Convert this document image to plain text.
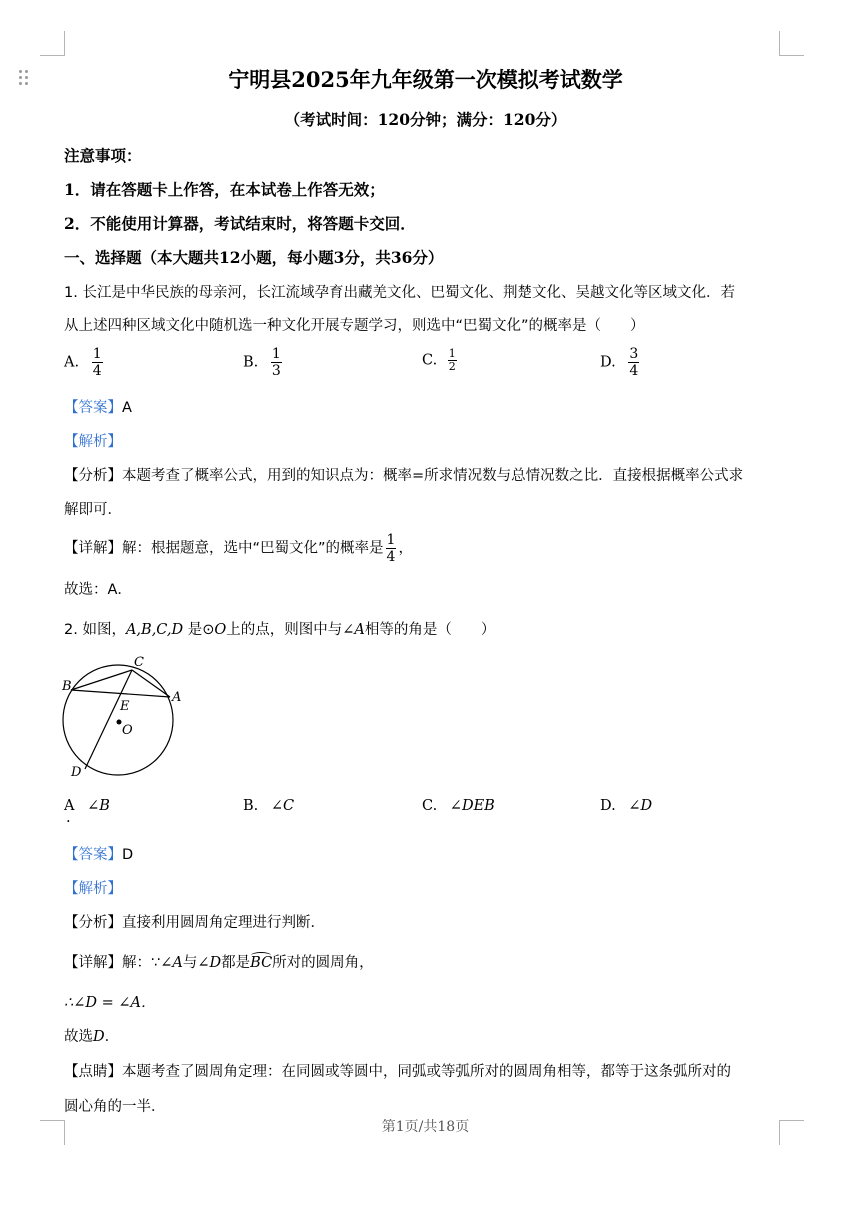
宁明县2025年九年级第一次模拟考试数学
（考试时间：120分钟；满分：120分）
注意事项：
1．请在答题卡上作答，在本试卷上作答无效；
2．不能使用计算器，考试结束时，将答题卡交回．
一、选择题（本大题共12小题，每小题3分，共36分）
1. 长江是中华民族的母亲河，长江流域孕育出藏羌文化、巴蜀文化、荆楚文化、吴越文化等区域文化．若
从上述四种区域文化中随机选一种文化开展专题学习，则选中“巴蜀文化”的概率是（　　）
A. $\frac{1}{4}$	B. $\frac{1}{3}$	C. $\frac{1}{2}$	D. $\frac{3}{4}$
【答案】A
【解析】
【分析】本题考查了概率公式，用到的知识点为：概率=所求情况数与总情况数之比．直接根据概率公式求
解即可．
【详解】解：根据题意，选中“巴蜀文化”的概率是 $\frac{1}{4}$ ，
故选：A．
2. 如图，A,B,C,D 是⊙O上的点，则图中与∠A相等的角是（　　）
B
C
A
E
O
D
A ∠B
.
B. ∠C	C. ∠DEB	D. ∠D
【答案】D
【解析】
【分析】直接利用圆周角定理进行判断．
【详解】解：∵∠A与∠D都是BC所对的圆周角，
∴∠D = ∠A．
故选D．
【点睛】本题考查了圆周角定理：在同圆或等圆中，同弧或等弧所对的圆周角相等，都等于这条弧所对的
圆心角的一半．
第1页/共18页
